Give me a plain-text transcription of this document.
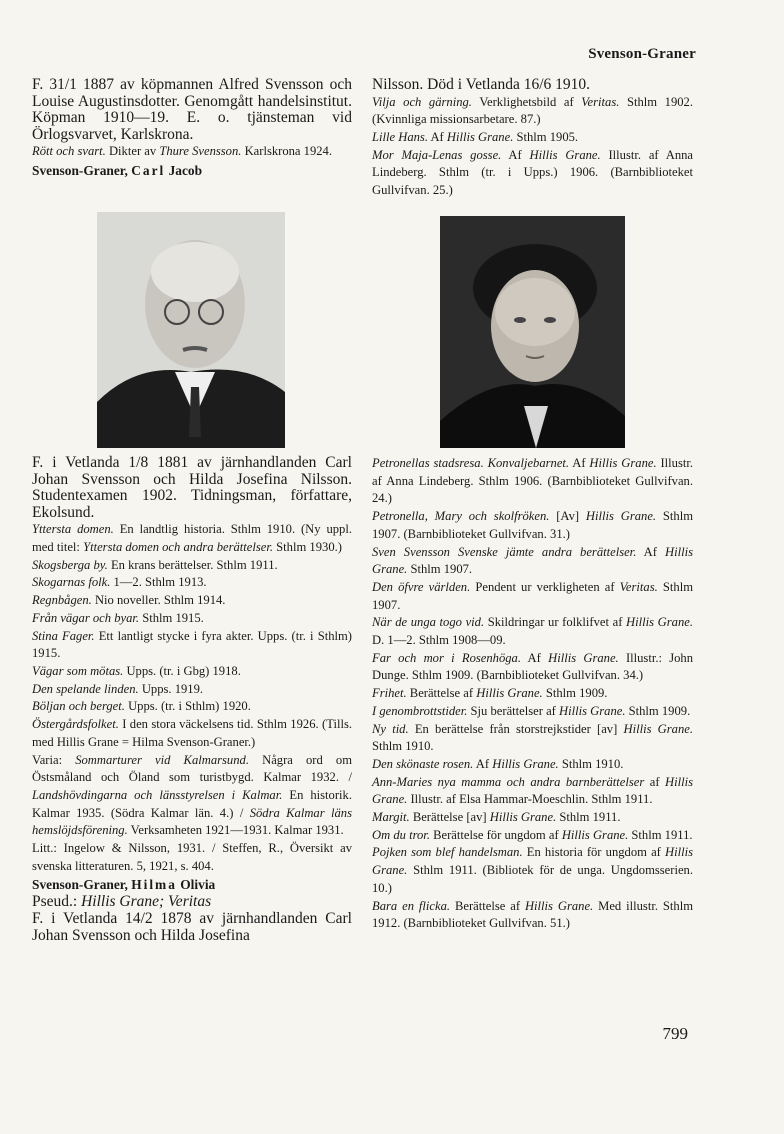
Svenson-Graner

F. 31/1 1887 av köpmannen Alfred Svensson och Louise Augustinsdotter. Genomgått handelsinstitut. Köpman 1910—19. E. o. tjänsteman vid Örlogsvarvet, Karlskrona.

Rött och svart. Dikter av Thure Svensson. Karlskrona 1924.

Svenson-Graner, Carl Jacob

Nilsson. Död i Vetlanda 16/6 1910.

Vilja och gärning. Verklighetsbild af Veritas. Sthlm 1902. (Kvinnliga missionsarbetare. 87.)

Lille Hans. Af Hillis Grane. Sthlm 1905.

Mor Maja-Lenas gosse. Af Hillis Grane. Illustr. af Anna Lindeberg. Sthlm (tr. i Upps.) 1906. (Barnbiblioteket Gullvifvan. 25.)

F. i Vetlanda 1/8 1881 av järnhandlanden Carl Johan Svensson och Hilda Josefina Nilsson. Studentexamen 1902. Tidningsman, författare, Ekolsund.

Yttersta domen. En landtlig historia. Sthlm 1910. (Ny uppl. med titel: Yttersta domen och andra berättelser. Sthlm 1930.)

Skogsberga by. En krans berättelser. Sthlm 1911.

Skogarnas folk. 1—2. Sthlm 1913.

Regnbågen. Nio noveller. Sthlm 1914.

Från vägar och byar. Sthlm 1915.

Stina Fager. Ett lantligt stycke i fyra akter. Upps. (tr. i Sthlm) 1915.

Vägar som mötas. Upps. (tr. i Gbg) 1918.

Den spelande linden. Upps. 1919.

Böljan och berget. Upps. (tr. i Sthlm) 1920.

Östergårdsfolket. I den stora väckelsens tid. Sthlm 1926. (Tills. med Hillis Grane = Hilma Svenson-Graner.)

Varia: Sommarturer vid Kalmarsund. Några ord om Östsmåland och Öland som turistbygd. Kalmar 1932. / Landshövdingarna och länsstyrelsen i Kalmar. En historik. Kalmar 1935. (Södra Kalmar län. 4.) / Södra Kalmar läns hemslöjdsförening. Verksamheten 1921—1931. Kalmar 1931.

Litt.: Ingelow & Nilsson, 1931. / Steffen, R., Översikt av svenska litteraturen. 5, 1921, s. 404.

Svenson-Graner, Hilma Olivia

Pseud.: Hillis Grane; Veritas

F. i Vetlanda 14/2 1878 av järnhandlanden Carl Johan Svensson och Hilda Josefina

Petronellas stadsresa. Konvaljebarnet. Af Hillis Grane. Illustr. af Anna Lindeberg. Sthlm 1906. (Barnbiblioteket Gullvifvan. 24.)

Petronella, Mary och skolfröken. [Av] Hillis Grane. Sthlm 1907. (Barnbiblioteket Gullvifvan. 31.)

Sven Svensson Svenske jämte andra berättelser. Af Hillis Grane. Sthlm 1907.

Den öfvre världen. Pendent ur verkligheten af Veritas. Sthlm 1907.

När de unga togo vid. Skildringar ur folklifvet af Hillis Grane. D. 1—2. Sthlm 1908—09.

Far och mor i Rosenhöga. Af Hillis Grane. Illustr.: John Dunge. Sthlm 1909. (Barnbiblioteket Gullvifvan. 34.)

Frihet. Berättelse af Hillis Grane. Sthlm 1909.

I genombrottstider. Sju berättelser af Hillis Grane. Sthlm 1909.

Ny tid. En berättelse från storstrejkstider [av] Hillis Grane. Sthlm 1910.

Den skönaste rosen. Af Hillis Grane. Sthlm 1910.

Ann-Maries nya mamma och andra barnberättelser af Hillis Grane. Illustr. af Elsa Hammar-Moeschlin. Sthlm 1911.

Margit. Berättelse [av] Hillis Grane. Sthlm 1911.

Om du tror. Berättelse för ungdom af Hillis Grane. Sthlm 1911.

Pojken som blef handelsman. En historia för ungdom af Hillis Grane. Sthlm 1911. (Bibliotek för de unga. Ungdomsserien. 10.)

Bara en flicka. Berättelse af Hillis Grane. Med illustr. Sthlm 1912. (Barnbiblioteket Gullvifvan. 51.)

799
